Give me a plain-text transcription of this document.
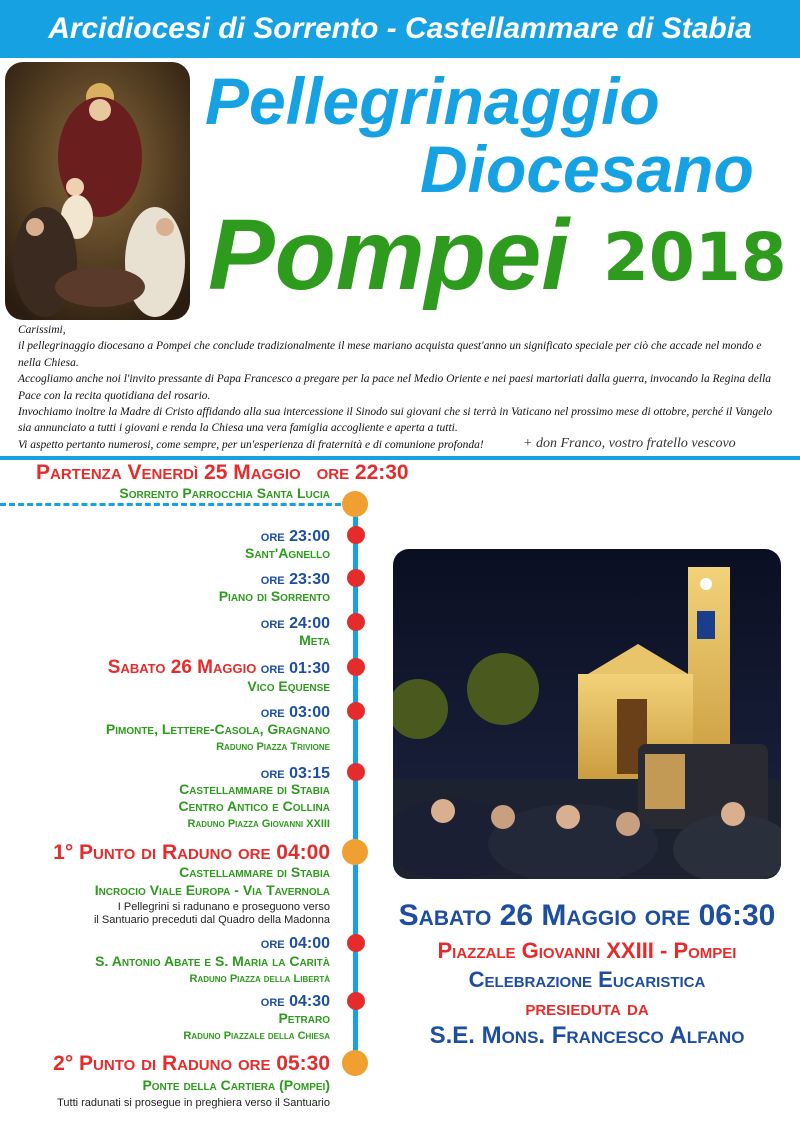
Arcidiocesi di Sorrento - Castellammare di Stabia
Pellegrinaggio
Diocesano
Pompei 2018

Carissimi,

il pellegrinaggio diocesano a Pompei che conclude tradizionalmente il mese mariano acquista quest'anno un significato speciale per ciò che accade nel mondo e nella Chiesa.

Accogliamo anche noi l'invito pressante di Papa Francesco a pregare per la pace nel Medio Oriente e nei paesi martoriati dalla guerra, invocando la Regina della Pace con la recita quotidiana del rosario.

Invochiamo inoltre la Madre di Cristo affidando alla sua intercessione il Sinodo sui giovani che si terrà in Vaticano nel prossimo mese di ottobre, perché il Vangelo sia annunciato a tutti i giovani e renda la Chiesa una vera famiglia accogliente e aperta a tutti.

Vi aspetto pertanto numerosi, come sempre, per un'esperienza di fraternità e di comunione profonda!	+ don Franco, vostro fratello vescovo
Partenza Venerdì 25 Maggio ore 22:30
Sorrento Parrocchia Santa Lucia
ore 23:00
Sant'Agnello
ore 23:30
Piano di Sorrento
ore 24:00
Meta
Sabato 26 Maggio ore 01:30
Vico Equense
ore 03:00
Pimonte, Lettere-Casola, Gragnano
Raduno Piazza Trivione
ore 03:15
Castellammare di Stabia
Centro Antico e Collina
Raduno Piazza Giovanni XXIII
1° Punto di Raduno ore 04:00
Castellammare di Stabia
Incrocio Viale Europa - Via Tavernola
I Pellegrini si radunano e proseguono verso
il Santuario preceduti dal Quadro della Madonna
ore 04:00
S. Antonio Abate e S. Maria la Carità
Raduno Piazza della Libertà
ore 04:30
Petraro
Raduno Piazzale della Chiesa
2° Punto di Raduno ore 05:30
Ponte della Cartiera (Pompei)
Tutti radunati si prosegue in preghiera verso il Santuario
Sabato 26 Maggio ore 06:30
Piazzale Giovanni XXIII - Pompei
Celebrazione Eucaristica
presieduta da
S.E. Mons. Francesco Alfano
